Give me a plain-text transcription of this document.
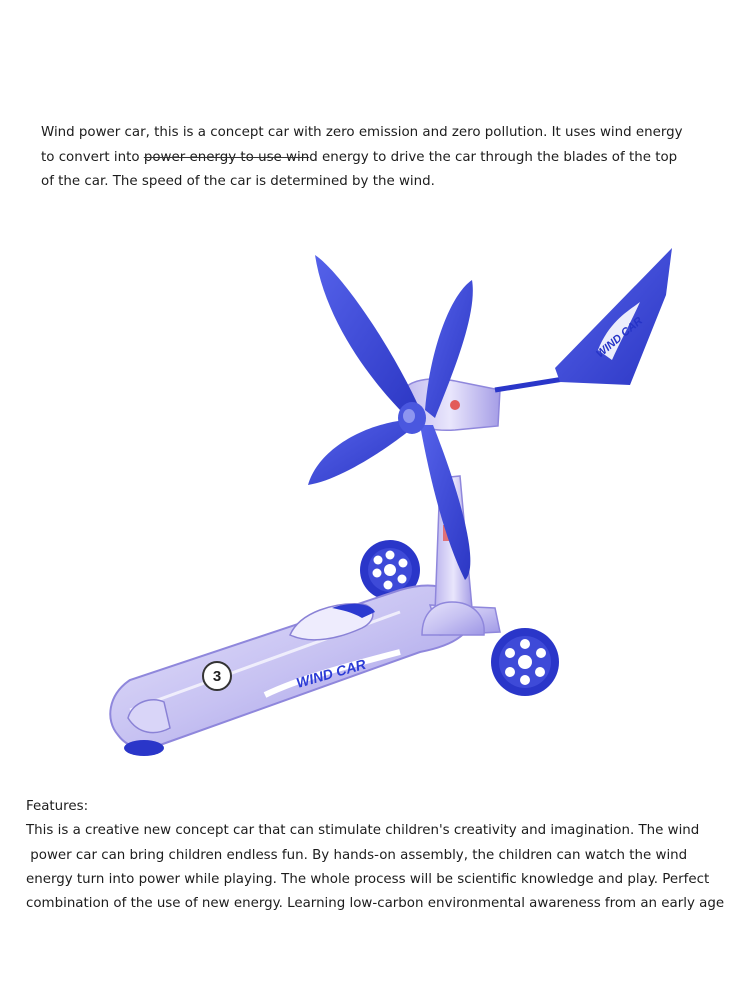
Wind power car, this is a concept car with zero emission and zero pollution. It uses wind energy

to convert into power energy to use wind energy to drive the car through the blades of the top

of the car. The speed of the car is determined by the wind.

3	WIND CAR
WIND CAR

Features:

This is a creative new concept car that can stimulate children's creativity and imagination. The wind

power car can bring children endless fun. By hands-on assembly, the children can watch the wind

energy turn into power while playing. The whole process will be scientific knowledge and play. Perfect

combination of the use of new energy. Learning low-carbon environmental awareness from an early age
